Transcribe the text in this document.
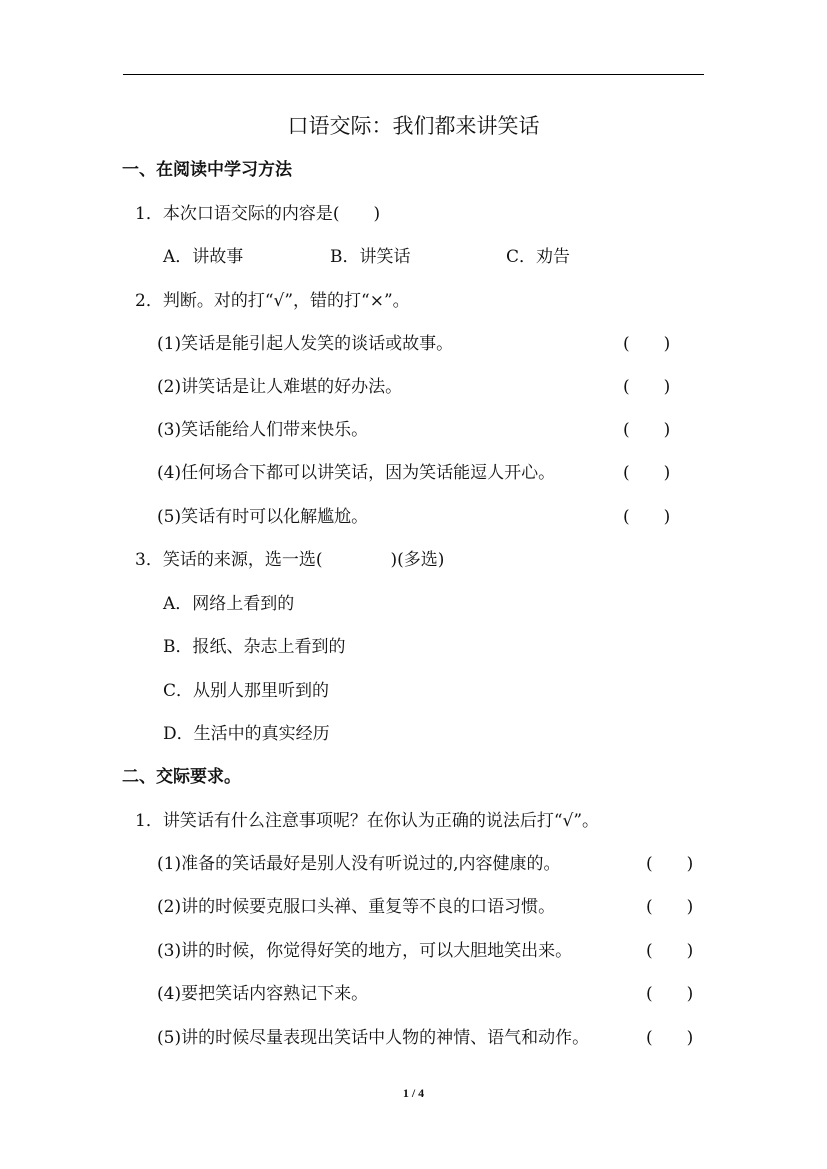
口语交际：我们都来讲笑话
一、在阅读中学习方法
1．本次口语交际的内容是(　　)
A．讲故事	B．讲笑话	C．劝告
2．判断。对的打“√”，错的打“×”。
(1)笑话是能引起人发笑的谈话或故事。	(　　)
(2)讲笑话是让人难堪的好办法。	(　　)
(3)笑话能给人们带来快乐。	(　　)
(4)任何场合下都可以讲笑话，因为笑话能逗人开心。	(　　)
(5)笑话有时可以化解尴尬。	(　　)
3．笑话的来源，选一选(　　　　)(多选)
A．网络上看到的
B．报纸、杂志上看到的
C．从别人那里听到的
D．生活中的真实经历
二、交际要求。
1．讲笑话有什么注意事项呢？在你认为正确的说法后打“√”。
(1)准备的笑话最好是别人没有听说过的,内容健康的。	(　　)
(2)讲的时候要克服口头禅、重复等不良的口语习惯。	(　　)
(3)讲的时候，你觉得好笑的地方，可以大胆地笑出来。	(　　)
(4)要把笑话内容熟记下来。	(　　)
(5)讲的时候尽量表现出笑话中人物的神情、语气和动作。	(　　)
1 / 4
